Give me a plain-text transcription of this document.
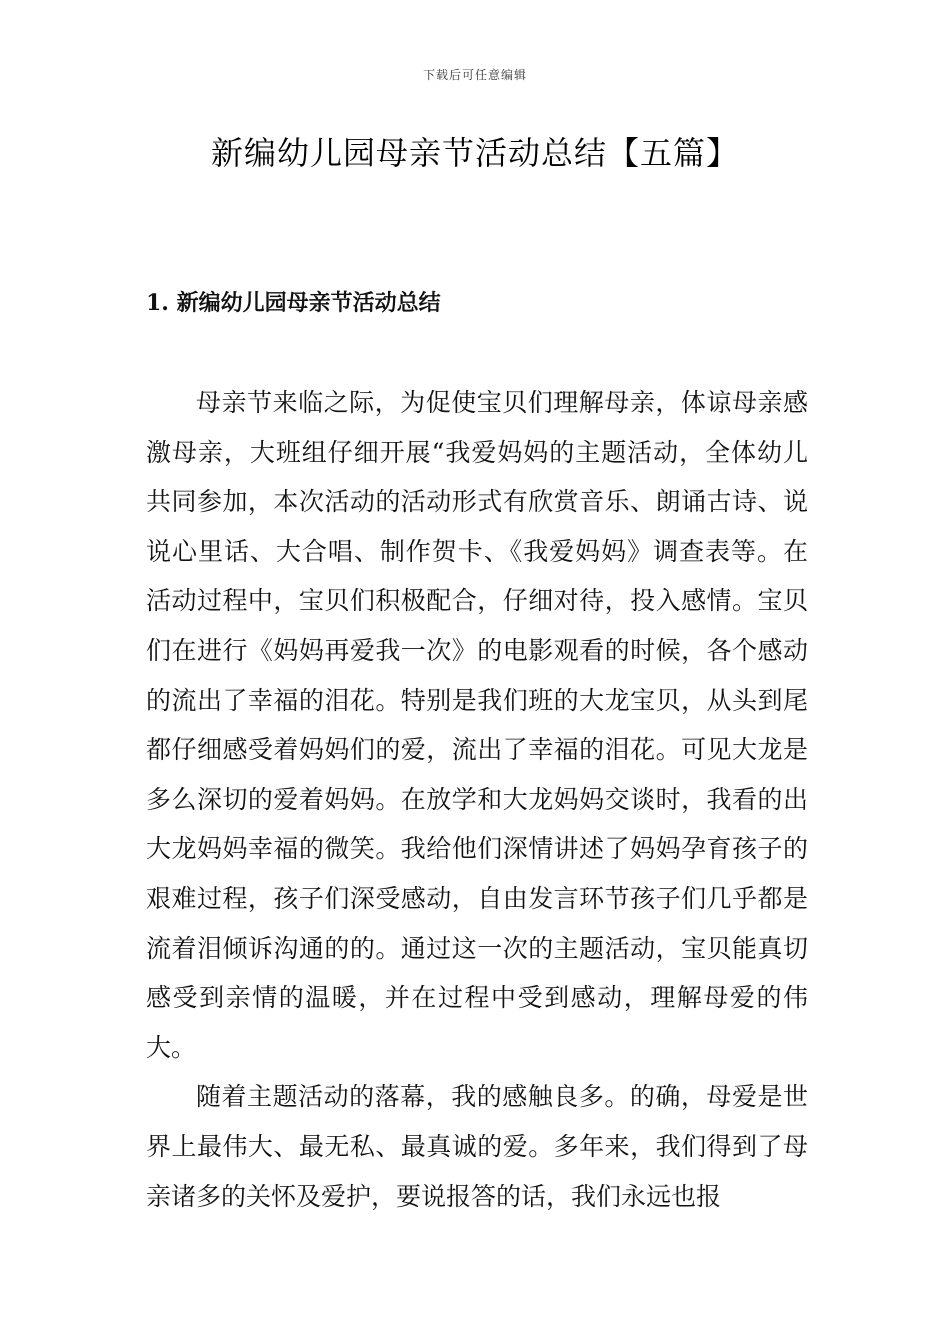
下载后可任意编辑
新编幼儿园母亲节活动总结【五篇】
1. 新编幼儿园母亲节活动总结

母亲节来临之际，为促使宝贝们理解母亲，体谅母亲感激母亲，大班组仔细开展“我爱妈妈的主题活动，全体幼儿共同参加，本次活动的活动形式有欣赏音乐、朗诵古诗、说说心里话、大合唱、制作贺卡、《我爱妈妈》调查表等。在活动过程中，宝贝们积极配合，仔细对待，投入感情。宝贝们在进行《妈妈再爱我一次》的电影观看的时候，各个感动的流出了幸福的泪花。特别是我们班的大龙宝贝，从头到尾都仔细感受着妈妈们的爱，流出了幸福的泪花。可见大龙是多么深切的爱着妈妈。在放学和大龙妈妈交谈时，我看的出大龙妈妈幸福的微笑。我给他们深情讲述了妈妈孕育孩子的艰难过程，孩子们深受感动，自由发言环节孩子们几乎都是流着泪倾诉沟通的的。通过这一次的主题活动，宝贝能真切感受到亲情的温暖，并在过程中受到感动，理解母爱的伟大。

随着主题活动的落幕，我的感触良多。的确，母爱是世界上最伟大、最无私、最真诚的爱。多年来，我们得到了母亲诸多的关怀及爱护，要说报答的话，我们永远也报
